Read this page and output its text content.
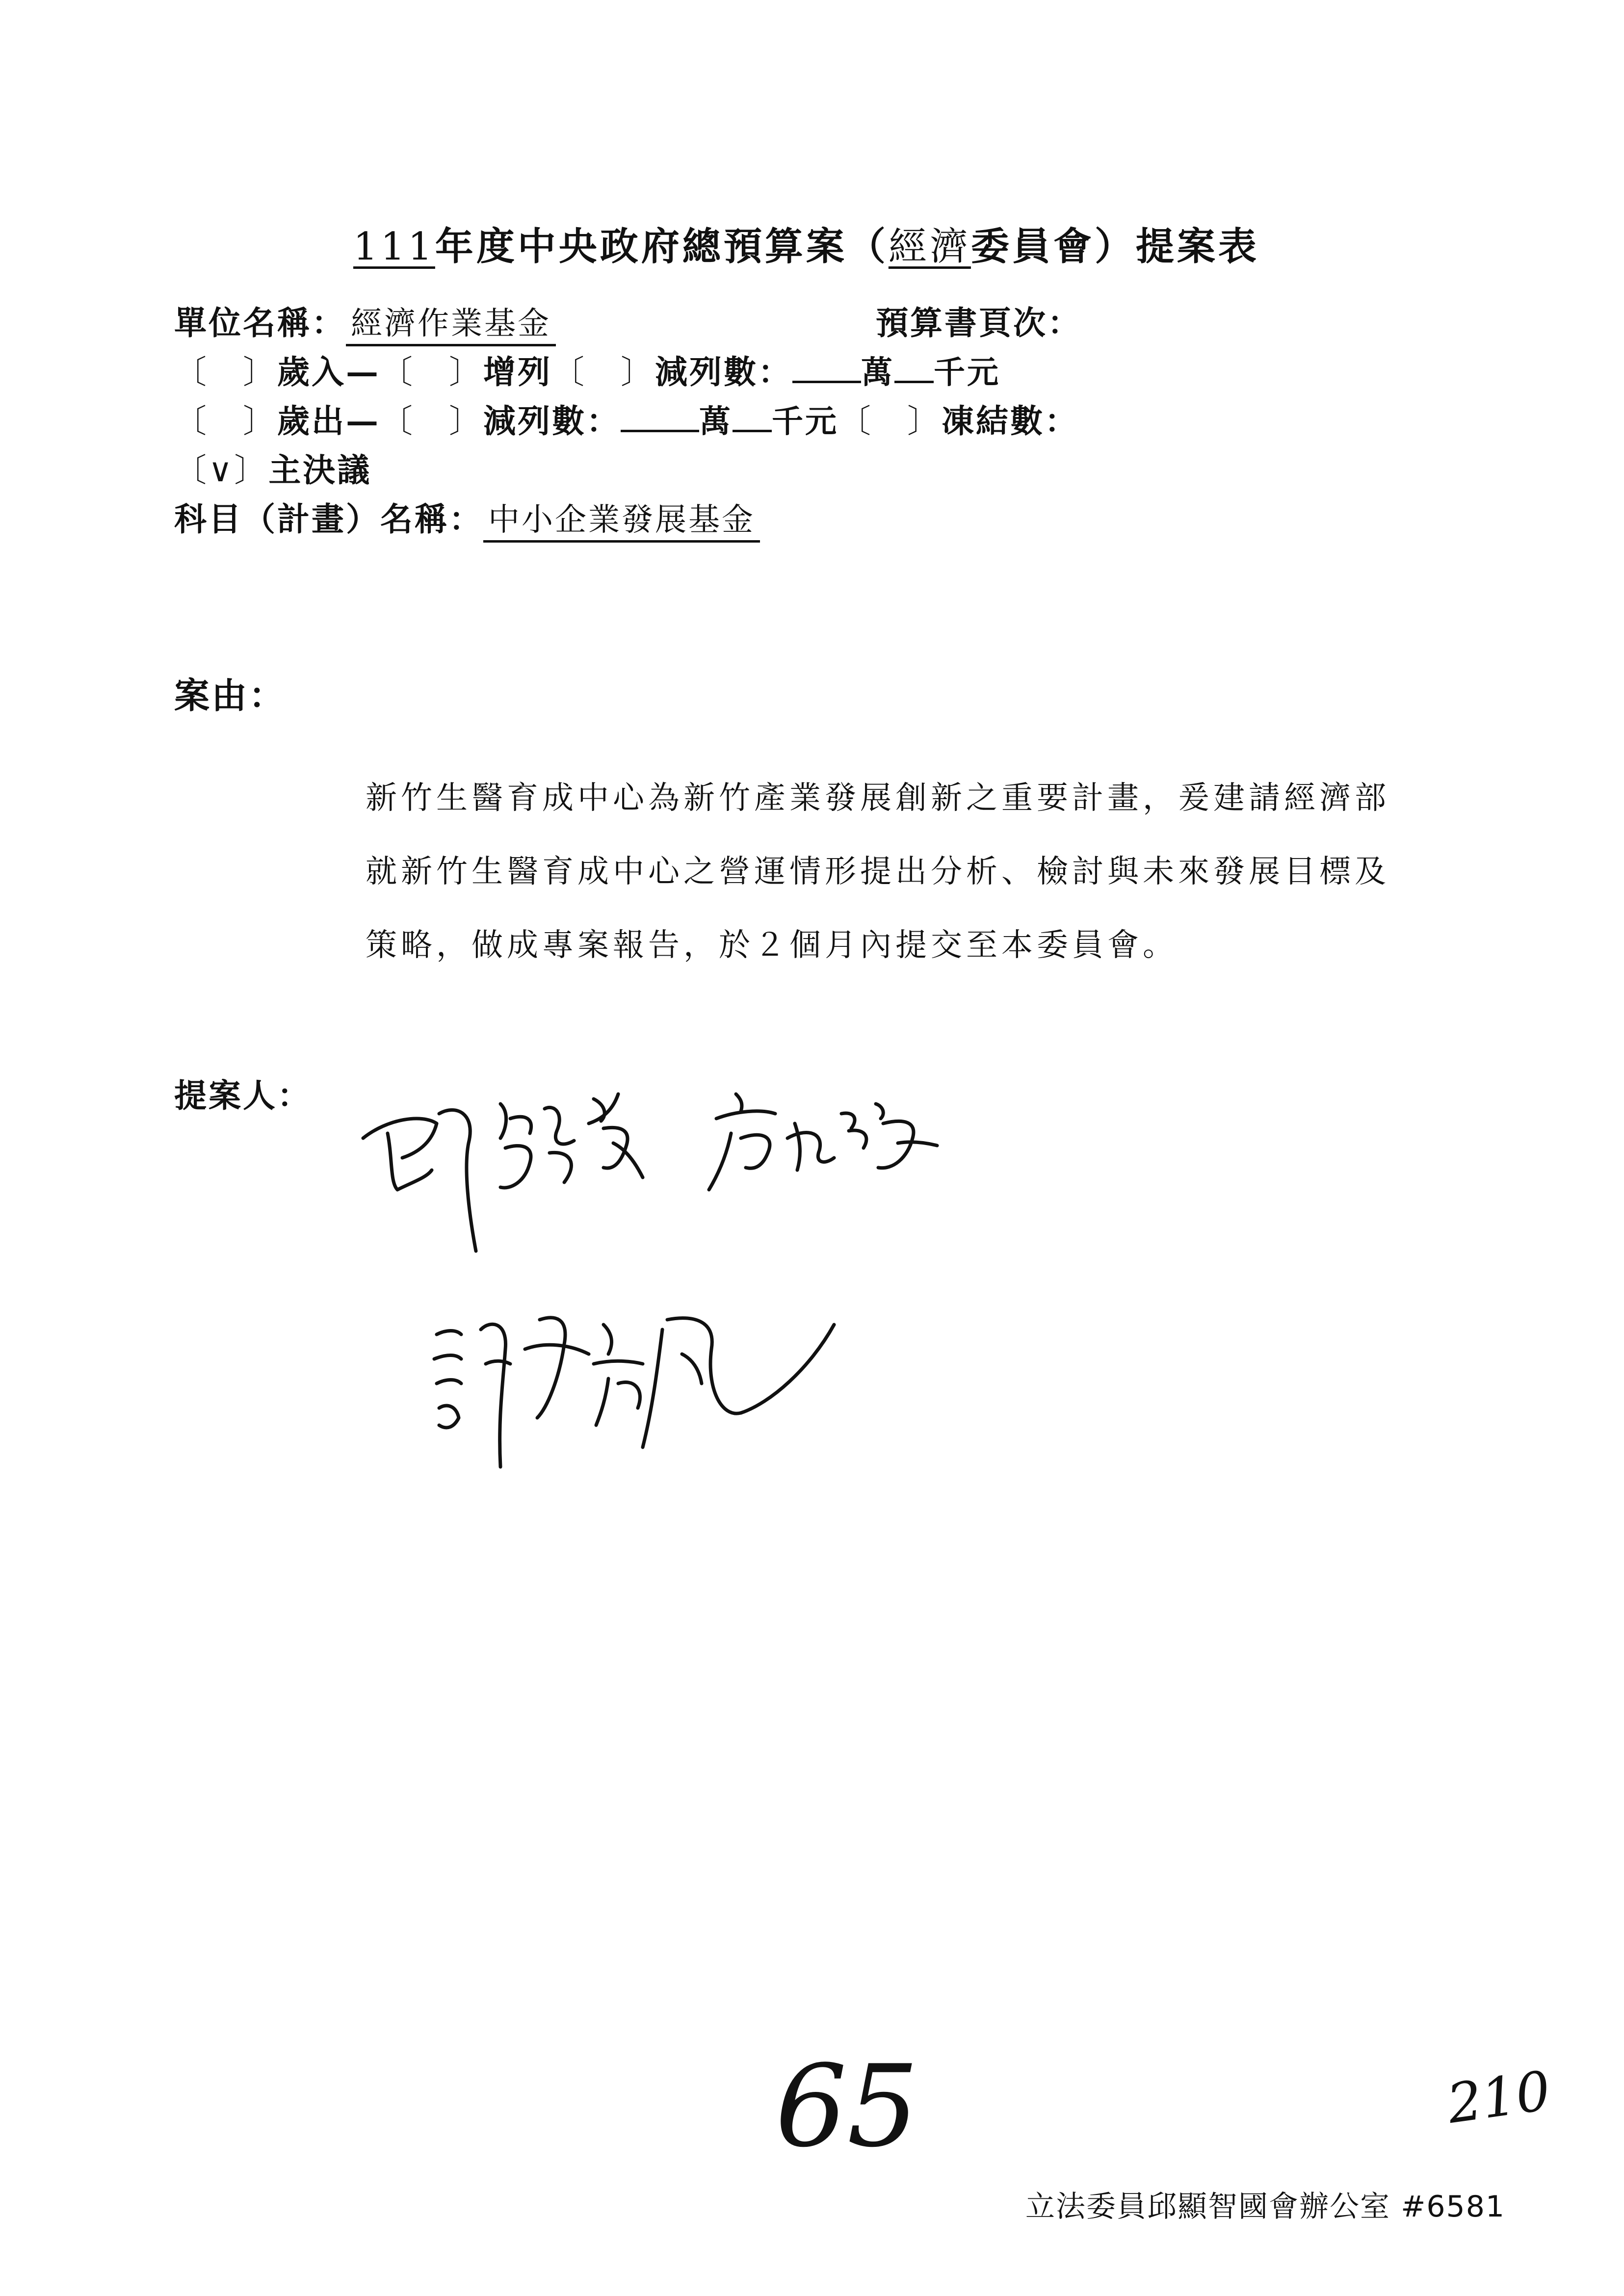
111年度中央政府總預算案（經濟委員會）提案表
單位名稱： 經濟作業基金	預算書頁次：
〔　〕歲入—〔　〕增列〔　〕減列數： 萬 千元
〔　〕歲出—〔　〕減列數：	萬 千元〔　〕凍結數：
〔∨〕主決議
科目（計畫）名稱： 中小企業發展基金
案由：
新竹生醫育成中心為新竹產業發展創新之重要計畫，爰建請經濟部
就新竹生醫育成中心之營運情形提出分析、檢討與未來發展目標及
策略，做成專案報告，於２個月內提交至本委員會。
提案人：
65	210
立法委員邱顯智國會辦公室 #6581
